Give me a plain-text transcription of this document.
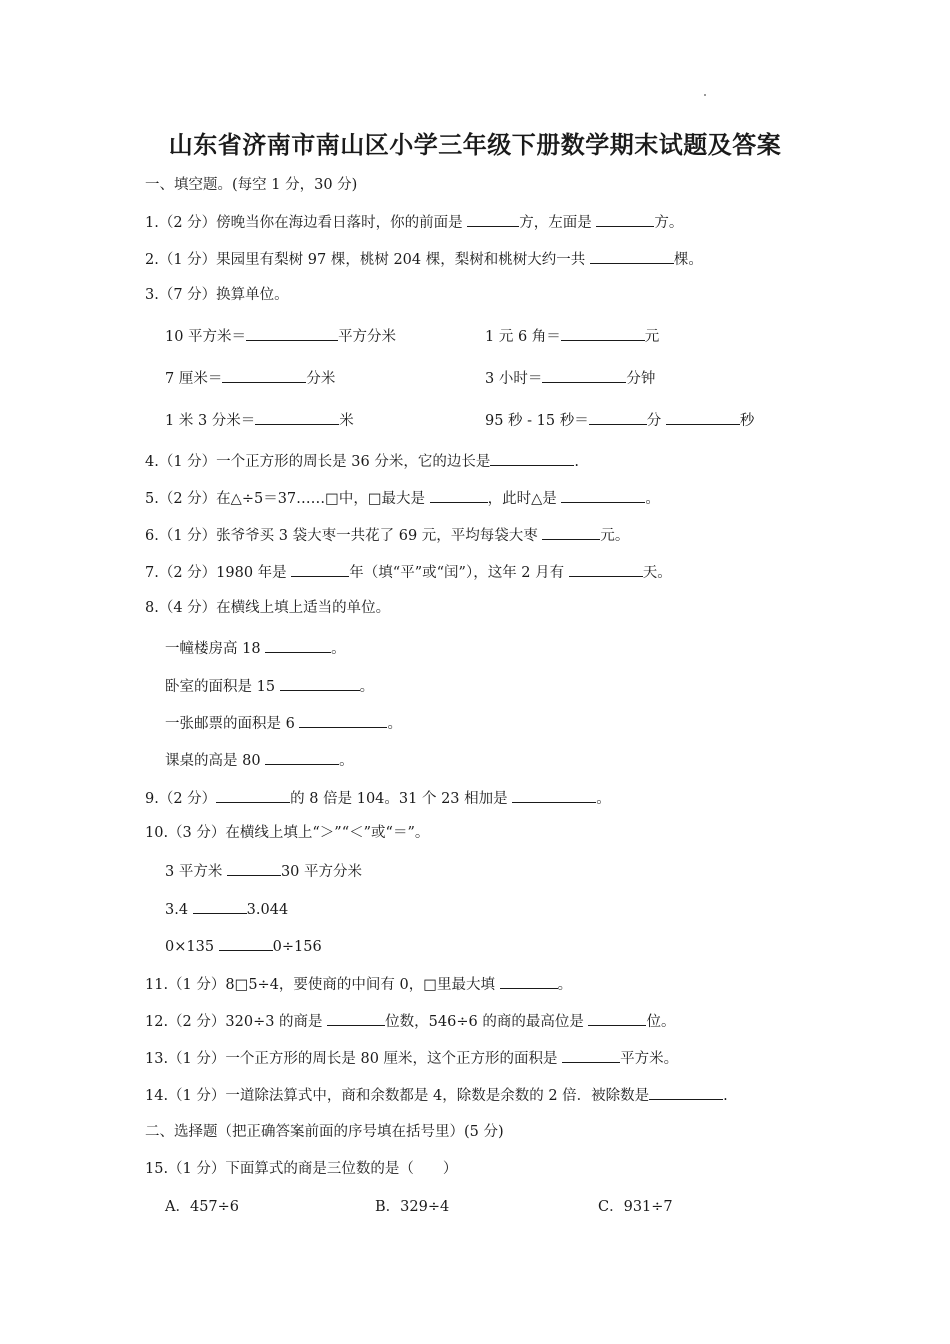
山东省济南市南山区小学三年级下册数学期末试题及答案
一、填空题。(每空 1 分，30 分)
1.（2 分）傍晚当你在海边看日落时，你的前面是	方，左面是	方。
2.（1 分）果园里有梨树 97 棵，桃树 204 棵，梨树和桃树大约一共	棵。
3.（7 分）换算单位。
10 平方米＝	平方分米	1 元 6 角＝	元
7 厘米＝	分米	3 小时＝	分钟
1 米 3 分米＝	米	95 秒 - 15 秒＝	分	秒
4.（1 分）一个正方形的周长是 36 分米，它的边长是	.
5.（2 分）在△÷5＝37……□中，□最大是	，此时△是	。
6.（1 分）张爷爷买 3 袋大枣一共花了 69 元，平均每袋大枣	元。
7.（2 分）1980 年是	年（填“平”或“闰”），这年 2 月有	天。
8.（4 分）在横线上填上适当的单位。
一幢楼房高 18	。
卧室的面积是 15	。
一张邮票的面积是 6	。
课桌的高是 80	。
9.（2 分）	的 8 倍是 104。31 个 23 相加是	。
10.（3 分）在横线上填上“＞”“＜”或“＝”。
3 平方米	30 平方分米
3.4	3.044
0×135	0÷156
11.（1 分）8□5÷4，要使商的中间有 0，□里最大填	。
12.（2 分）320÷3 的商是	位数，546÷6 的商的最高位是	位。
13.（1 分）一个正方形的周长是 80 厘米，这个正方形的面积是	平方米。
14.（1 分）一道除法算式中，商和余数都是 4，除数是余数的 2 倍．被除数是	.
二、选择题（把正确答案前面的序号填在括号里）(5 分)
15.（1 分）下面算式的商是三位数的是（　　）
A．457÷6	B．329÷4	C．931÷7
